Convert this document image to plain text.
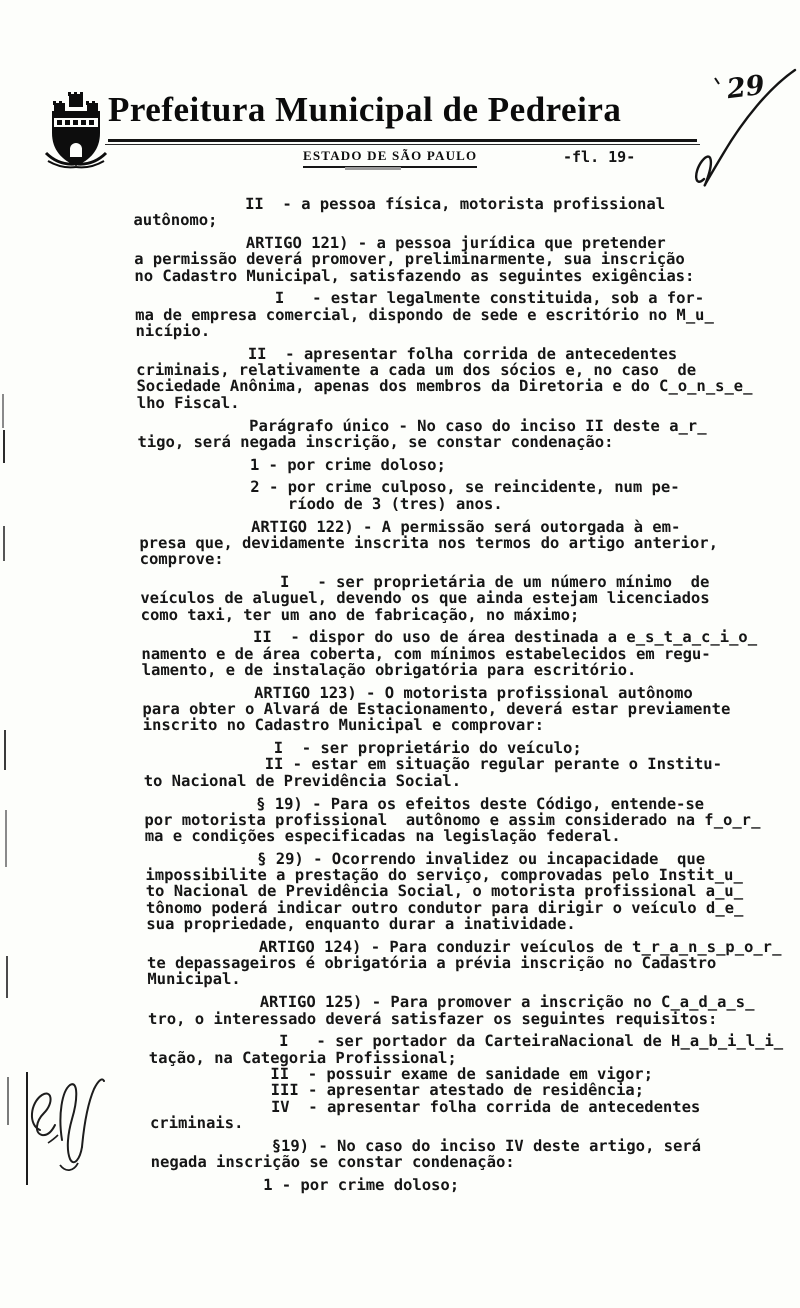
Prefeitura Municipal de Pedreira
ESTADO DE SÃO PAULO	-fl. 19-
29
II  - a pessoa física, motorista profissional
autônomo;
ARTIGO 121) - a pessoa jurídica que pretender
a permissão deverá promover, preliminarmente, sua inscrição
no Cadastro Municipal, satisfazendo as seguintes exigências:
I   - estar legalmente constituida, sob a for-
ma de empresa comercial, dispondo de sede e escritório no M̲u̲
nicípio.
II  - apresentar folha corrida de antecedentes
criminais, relativamente a cada um dos sócios e, no caso  de
Sociedade Anônima, apenas dos membros da Diretoria e do C̲o̲n̲s̲e̲
lho Fiscal.
Parágrafo único - No caso do inciso II deste a̲r̲
tigo, será negada inscrição, se constar condenação:
1 - por crime doloso;
2 - por crime culposo, se reincidente, num pe-
ríodo de 3 (tres) anos.
ARTIGO 122) - A permissão será outorgada à em-
presa que, devidamente inscrita nos termos do artigo anterior,
comprove:
I   - ser proprietária de um número mínimo  de
veículos de aluguel, devendo os que ainda estejam licenciados
como taxi, ter um ano de fabricação, no máximo;
II  - dispor do uso de área destinada a e̲s̲t̲a̲c̲i̲o̲
namento e de área coberta, com mínimos estabelecidos em regu-
lamento, e de instalação obrigatória para escritório.
ARTIGO 123) - O motorista profissional autônomo
para obter o Alvará de Estacionamento, deverá estar previamente
inscrito no Cadastro Municipal e comprovar:
I  - ser proprietário do veículo;
II - estar em situação regular perante o Institu-
to Nacional de Previdência Social.
§ 19) - Para os efeitos deste Código, entende-se
por motorista profissional  autônomo e assim considerado na f̲o̲r̲
ma e condições especificadas na legislação federal.
§ 29) - Ocorrendo invalidez ou incapacidade  que
impossibilite a prestação do serviço, comprovadas pelo Instit̲u̲
to Nacional de Previdência Social, o motorista profissional a̲u̲
tônomo poderá indicar outro condutor para dirigir o veículo d̲e̲
sua propriedade, enquanto durar a inatividade.
ARTIGO 124) - Para conduzir veículos de t̲r̲a̲n̲s̲p̲o̲r̲
te depassageiros é obrigatória a prévia inscrição no Cadastro
Municipal.
ARTIGO 125) - Para promover a inscrição no C̲a̲d̲a̲s̲
tro, o interessado deverá satisfazer os seguintes requisitos:
I   - ser portador da CarteiraNacional de H̲a̲b̲i̲l̲i̲
tação, na Categoria Profissional;
II  - possuir exame de sanidade em vigor;
III - apresentar atestado de residência;
IV  - apresentar folha corrida de antecedentes
criminais.
§19) - No caso do inciso IV deste artigo, será
negada inscrição se constar condenação:
1 - por crime doloso;
